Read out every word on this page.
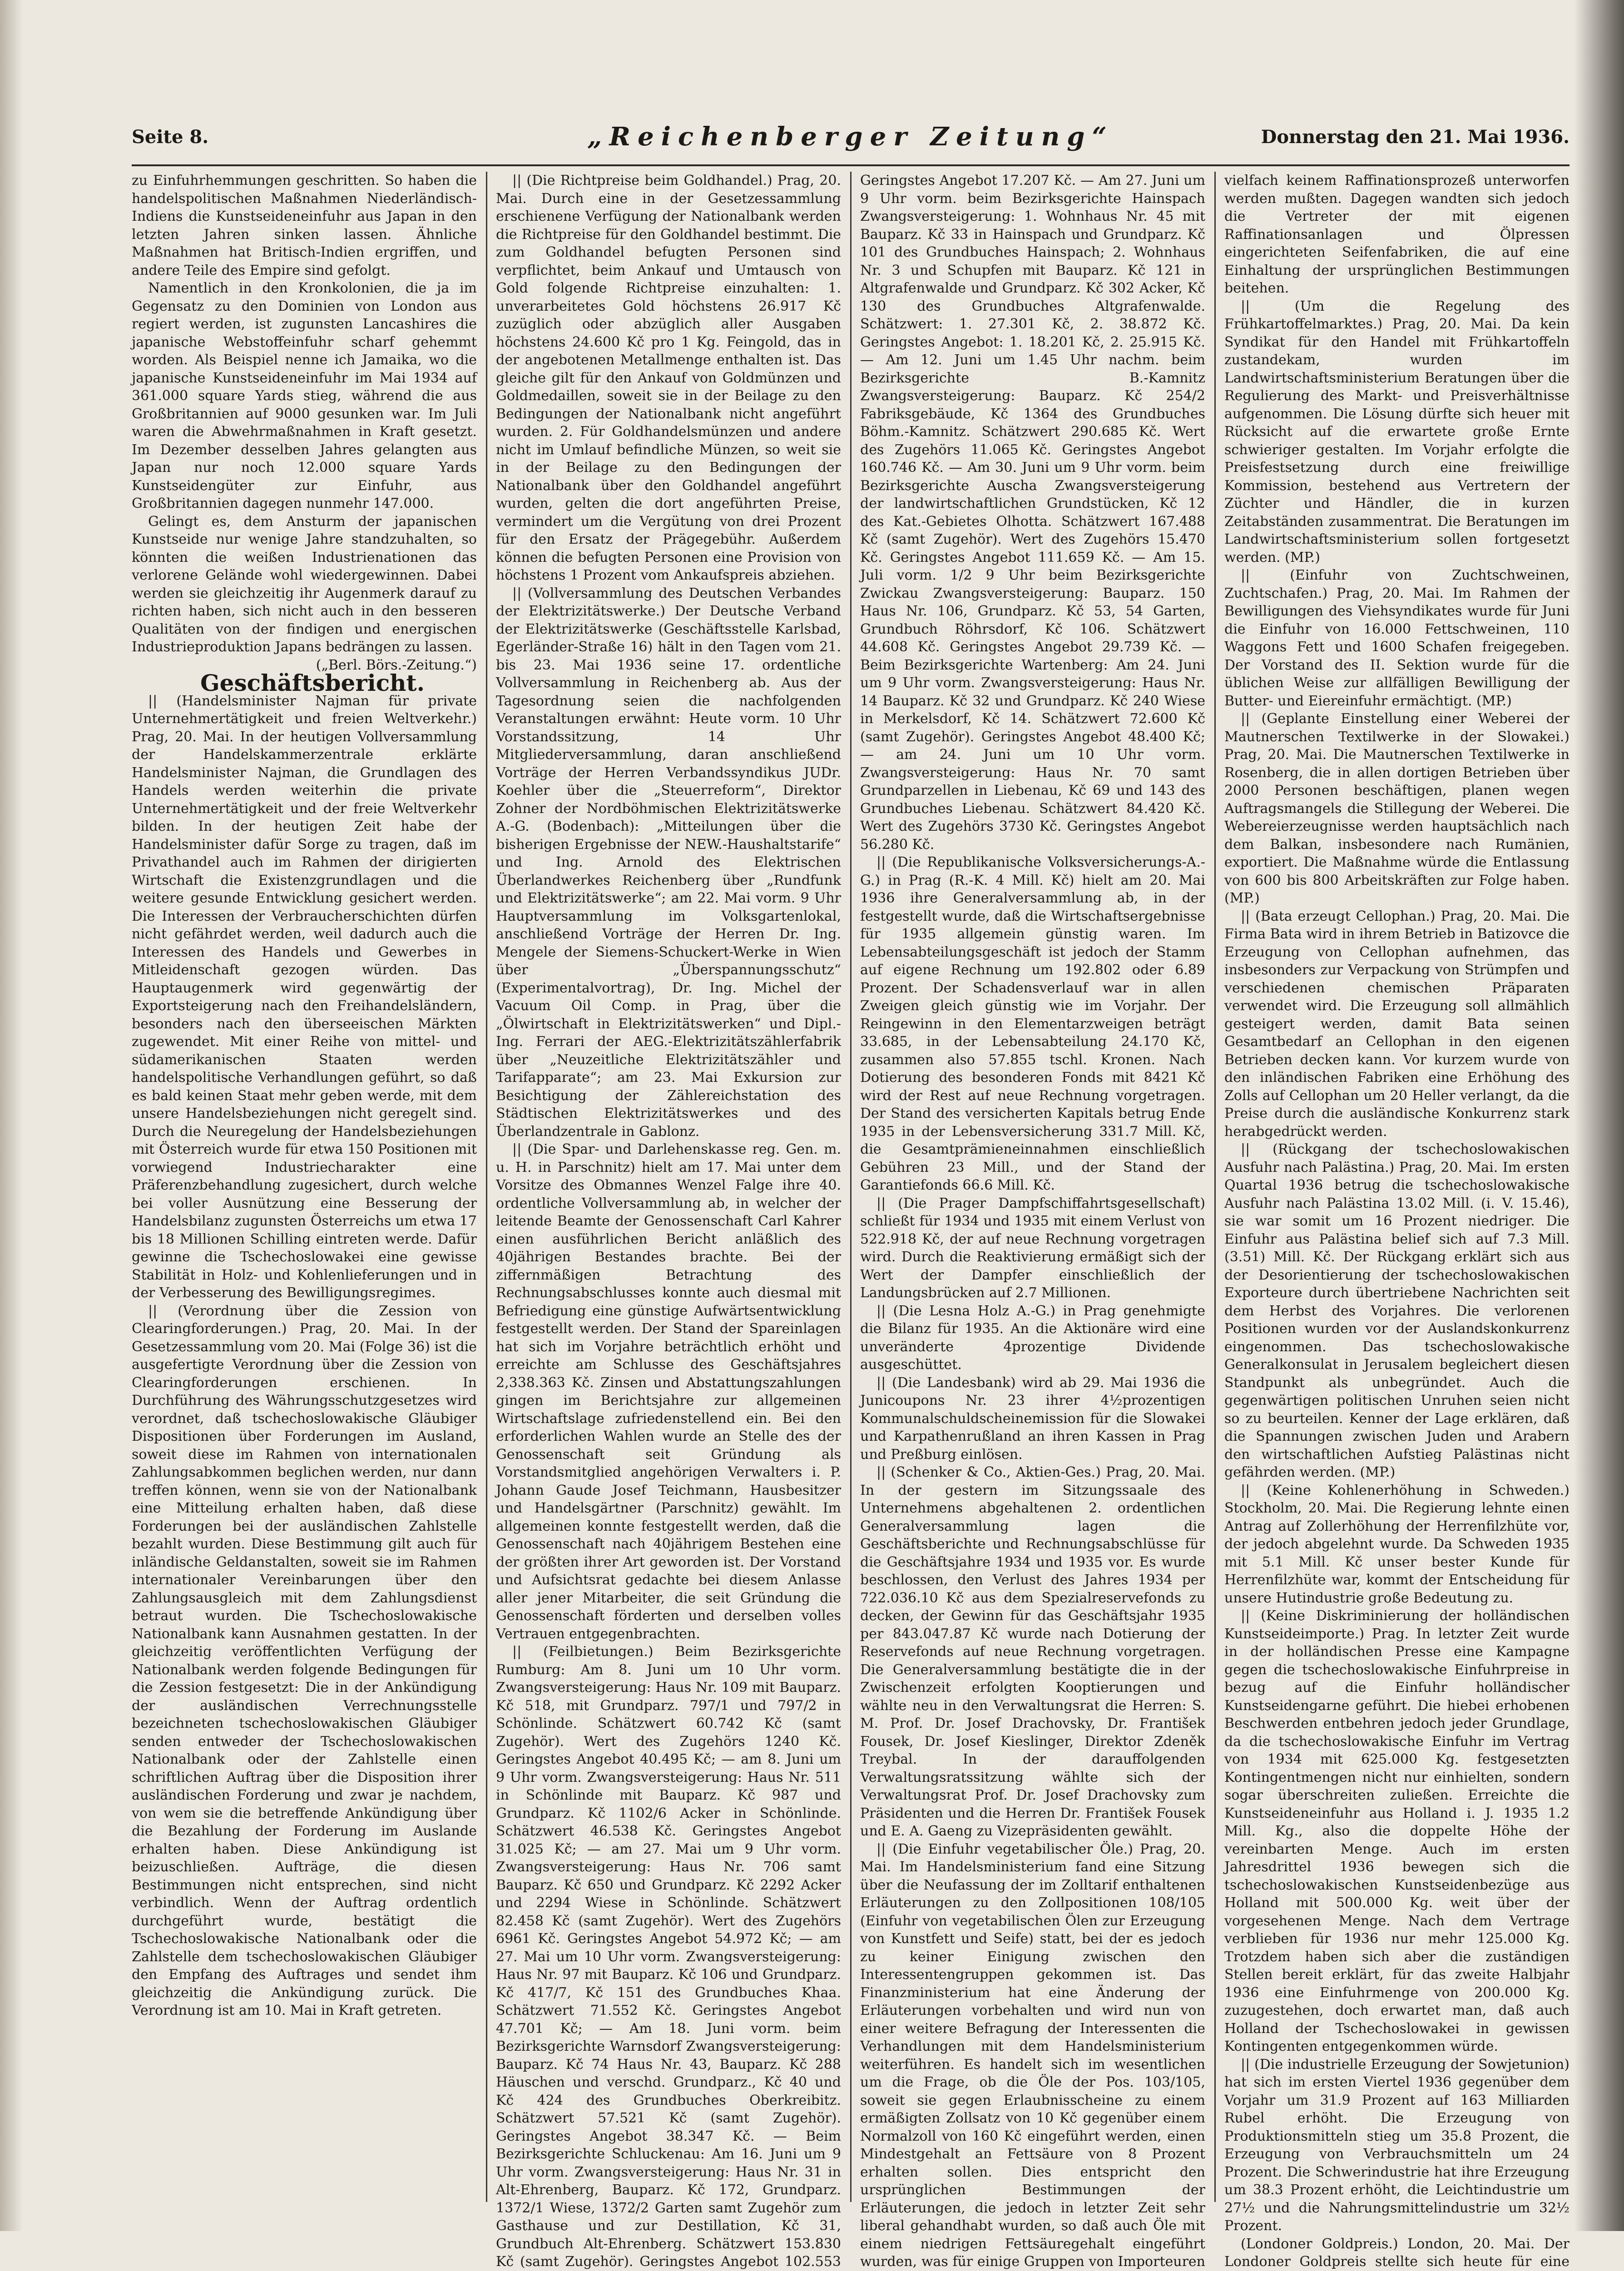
Seite 8.	„Reichenberger Zeitung“	Donnerstag den 21. Mai 1936.

zu Einfuhrhemmungen geschritten. So haben die handelspolitischen Maßnahmen Niederländisch-Indiens die Kunstseideneinfuhr aus Japan in den letzten Jahren sinken lassen. Ähnliche Maßnahmen hat Britisch-Indien ergriffen, und andere Teile des Empire sind gefolgt.

Namentlich in den Kronkolonien, die ja im Gegensatz zu den Dominien von London aus regiert werden, ist zugunsten Lancashires die japanische Webstoffeinfuhr scharf gehemmt worden. Als Beispiel nenne ich Jamaika, wo die japanische Kunstseideneinfuhr im Mai 1934 auf 361.000 square Yards stieg, während die aus Großbritannien auf 9000 gesunken war. Im Juli waren die Abwehrmaßnahmen in Kraft gesetzt. Im Dezember desselben Jahres gelangten aus Japan nur noch 12.000 square Yards Kunstseidengüter zur Einfuhr, aus Großbritannien dagegen nunmehr 147.000.

Gelingt es, dem Ansturm der japanischen Kunstseide nur wenige Jahre standzuhalten, so könnten die weißen Industrienationen das verlorene Gelände wohl wiedergewinnen. Dabei werden sie gleichzeitig ihr Augenmerk darauf zu richten haben, sich nicht auch in den besseren Qualitäten von der findigen und energischen Industrieproduktion Japans bedrängen zu lassen.

(„Berl. Börs.-Zeitung.“)

Geschäftsbericht.

|| (Handelsminister Najman für private Unternehmertätigkeit und freien Weltverkehr.) Prag, 20. Mai. In der heutigen Vollversammlung der Handelskammerzentrale erklärte Handelsminister Najman, die Grundlagen des Handels werden weiterhin die private Unternehmertätigkeit und der freie Weltverkehr bilden. In der heutigen Zeit habe der Handelsminister dafür Sorge zu tragen, daß im Privathandel auch im Rahmen der dirigierten Wirtschaft die Existenzgrundlagen und die weitere gesunde Entwicklung gesichert werden. Die Interessen der Verbraucherschichten dürfen nicht gefährdet werden, weil dadurch auch die Interessen des Handels und Gewerbes in Mitleidenschaft gezogen würden. Das Hauptaugenmerk wird gegenwärtig der Exportsteigerung nach den Freihandelsländern, besonders nach den überseeischen Märkten zugewendet. Mit einer Reihe von mittel- und südamerikanischen Staaten werden handelspolitische Verhandlungen geführt, so daß es bald keinen Staat mehr geben werde, mit dem unsere Handelsbeziehungen nicht geregelt sind. Durch die Neuregelung der Handelsbeziehungen mit Österreich wurde für etwa 150 Positionen mit vorwiegend Industriecharakter eine Präferenzbehandlung zugesichert, durch welche bei voller Ausnützung eine Besserung der Handelsbilanz zugunsten Österreichs um etwa 17 bis 18 Millionen Schilling eintreten werde. Dafür gewinne die Tschechoslowakei eine gewisse Stabilität in Holz- und Kohlenlieferungen und in der Verbesserung des Bewilligungsregimes.

|| (Verordnung über die Zession von Clearingforderungen.) Prag, 20. Mai. In der Gesetzessammlung vom 20. Mai (Folge 36) ist die ausgefertigte Verordnung über die Zession von Clearingforderungen erschienen. In Durchführung des Währungsschutzgesetzes wird verordnet, daß tschechoslowakische Gläubiger Dispositionen über Forderungen im Ausland, soweit diese im Rahmen von internationalen Zahlungsabkommen beglichen werden, nur dann treffen können, wenn sie von der Nationalbank eine Mitteilung erhalten haben, daß diese Forderungen bei der ausländischen Zahlstelle bezahlt wurden. Diese Bestimmung gilt auch für inländische Geldanstalten, soweit sie im Rahmen internationaler Vereinbarungen über den Zahlungsausgleich mit dem Zahlungsdienst betraut wurden. Die Tschechoslowakische Nationalbank kann Ausnahmen gestatten. In der gleichzeitig veröffentlichten Verfügung der Nationalbank werden folgende Bedingungen für die Zession festgesetzt: Die in der Ankündigung der ausländischen Verrechnungsstelle bezeichneten tschechoslowakischen Gläubiger senden entweder der Tschechoslowakischen Nationalbank oder der Zahlstelle einen schriftlichen Auftrag über die Disposition ihrer ausländischen Forderung und zwar je nachdem, von wem sie die betreffende Ankündigung über die Bezahlung der Forderung im Auslande erhalten haben. Diese Ankündigung ist beizuschließen. Aufträge, die diesen Bestimmungen nicht entsprechen, sind nicht verbindlich. Wenn der Auftrag ordentlich durchgeführt wurde, bestätigt die Tschechoslowakische Nationalbank oder die Zahlstelle dem tschechoslowakischen Gläubiger den Empfang des Auftrages und sendet ihm gleichzeitig die Ankündigung zurück. Die Verordnung ist am 10. Mai in Kraft getreten.

|| (Die Richtpreise beim Goldhandel.) Prag, 20. Mai. Durch eine in der Gesetzessammlung erschienene Verfügung der Nationalbank werden die Richtpreise für den Goldhandel bestimmt. Die zum Goldhandel befugten Personen sind verpflichtet, beim Ankauf und Umtausch von Gold folgende Richtpreise einzuhalten: 1. unverarbeitetes Gold höchstens 26.917 Kč zuzüglich oder abzüglich aller Ausgaben höchstens 24.600 Kč pro 1 Kg. Feingold, das in der angebotenen Metallmenge enthalten ist. Das gleiche gilt für den Ankauf von Goldmünzen und Goldmedaillen, soweit sie in der Beilage zu den Bedingungen der Nationalbank nicht angeführt wurden. 2. Für Goldhandelsmünzen und andere nicht im Umlauf befindliche Münzen, so weit sie in der Beilage zu den Bedingungen der Nationalbank über den Goldhandel angeführt wurden, gelten die dort angeführten Preise, vermindert um die Vergütung von drei Prozent für den Ersatz der Prägegebühr. Außerdem können die befugten Personen eine Provision von höchstens 1 Prozent vom Ankaufspreis abziehen.

|| (Vollversammlung des Deutschen Verbandes der Elektrizitätswerke.) Der Deutsche Verband der Elektrizitätswerke (Geschäftsstelle Karlsbad, Egerländer-Straße 16) hält in den Tagen vom 21. bis 23. Mai 1936 seine 17. ordentliche Vollversammlung in Reichenberg ab. Aus der Tagesordnung seien die nachfolgenden Veranstaltungen erwähnt: Heute vorm. 10 Uhr Vorstandssitzung, 14 Uhr Mitgliederversammlung, daran anschließend Vorträge der Herren Verbandssyndikus JUDr. Koehler über die „Steuerreform“, Direktor Zohner der Nordböhmischen Elektrizitätswerke A.-G. (Bodenbach): „Mitteilungen über die bisherigen Ergebnisse der NEW.-Haushaltstarife“ und Ing. Arnold des Elektrischen Überlandwerkes Reichenberg über „Rundfunk und Elektrizitätswerke“; am 22. Mai vorm. 9 Uhr Hauptversammlung im Volksgartenlokal, anschließend Vorträge der Herren Dr. Ing. Mengele der Siemens-Schuckert-Werke in Wien über „Überspannungsschutz“ (Experimentalvortrag), Dr. Ing. Michel der Vacuum Oil Comp. in Prag, über die „Ölwirtschaft in Elektrizitätswerken“ und Dipl.-Ing. Ferrari der AEG.-Elektrizitätszählerfabrik über „Neuzeitliche Elektrizitätszähler und Tarifapparate“; am 23. Mai Exkursion zur Besichtigung der Zählereichstation des Städtischen Elektrizitätswerkes und des Überlandzentrale in Gablonz.

|| (Die Spar- und Darlehenskasse reg. Gen. m. u. H. in Parschnitz) hielt am 17. Mai unter dem Vorsitze des Obmannes Wenzel Falge ihre 40. ordentliche Vollversammlung ab, in welcher der leitende Beamte der Genossenschaft Carl Kahrer einen ausführlichen Bericht anläßlich des 40jährigen Bestandes brachte. Bei der ziffernmäßigen Betrachtung des Rechnungsabschlusses konnte auch diesmal mit Befriedigung eine günstige Aufwärtsentwicklung festgestellt werden. Der Stand der Spareinlagen hat sich im Vorjahre beträchtlich erhöht und erreichte am Schlusse des Geschäftsjahres 2,338.363 Kč. Zinsen und Abstattungszahlungen gingen im Berichtsjahre zur allgemeinen Wirtschaftslage zufriedenstellend ein. Bei den erforderlichen Wahlen wurde an Stelle des der Genossenschaft seit Gründung als Vorstandsmitglied angehörigen Verwalters i. P. Johann Gaude Josef Teichmann, Hausbesitzer und Handelsgärtner (Parschnitz) gewählt. Im allgemeinen konnte festgestellt werden, daß die Genossenschaft nach 40jährigem Bestehen eine der größten ihrer Art geworden ist. Der Vorstand und Aufsichtsrat gedachte bei diesem Anlasse aller jener Mitarbeiter, die seit Gründung die Genossenschaft förderten und derselben volles Vertrauen entgegenbrachten.

|| (Feilbietungen.) Beim Bezirksgerichte Rumburg: Am 8. Juni um 10 Uhr vorm. Zwangsversteigerung: Haus Nr. 109 mit Bauparz. Kč 518, mit Grundparz. 797/1 und 797/2 in Schönlinde. Schätzwert 60.742 Kč (samt Zugehör). Wert des Zugehörs 1240 Kč. Geringstes Angebot 40.495 Kč; — am 8. Juni um 9 Uhr vorm. Zwangsversteigerung: Haus Nr. 511 in Schönlinde mit Bauparz. Kč 987 und Grundparz. Kč 1102/6 Acker in Schönlinde. Schätzwert 46.538 Kč. Geringstes Angebot 31.025 Kč; — am 27. Mai um 9 Uhr vorm. Zwangsversteigerung: Haus Nr. 706 samt Bauparz. Kč 650 und Grundparz. Kč 2292 Acker und 2294 Wiese in Schönlinde. Schätzwert 82.458 Kč (samt Zugehör). Wert des Zugehörs 6961 Kč. Geringstes Angebot 54.972 Kč; — am 27. Mai um 10 Uhr vorm. Zwangsversteigerung: Haus Nr. 97 mit Bauparz. Kč 106 und Grundparz. Kč 417/7, Kč 151 des Grundbuches Khaa. Schätzwert 71.552 Kč. Geringstes Angebot 47.701 Kč; — Am 18. Juni vorm. beim Bezirksgerichte Warnsdorf Zwangsversteigerung: Bauparz. Kč 74 Haus Nr. 43, Bauparz. Kč 288 Häuschen und verschd. Grundparz., Kč 40 und Kč 424 des Grundbuches Oberkreibitz. Schätzwert 57.521 Kč (samt Zugehör). Geringstes Angebot 38.347 Kč. — Beim Bezirksgerichte Schluckenau: Am 16. Juni um 9 Uhr vorm. Zwangsversteigerung: Haus Nr. 31 in Alt-Ehrenberg, Bauparz. Kč 172, Grundparz. 1372/1 Wiese, 1372/2 Garten samt Zugehör zum Gasthause und zur Destillation, Kč 31, Grundbuch Alt-Ehrenberg. Schätzwert 153.830 Kč (samt Zugehör). Geringstes Angebot 102.553

Geringstes Angebot 17.207 Kč. — Am 27. Juni um 9 Uhr vorm. beim Bezirksgerichte Hainspach Zwangsversteigerung: 1. Wohnhaus Nr. 45 mit Bauparz. Kč 33 in Hainspach und Grundparz. Kč 101 des Grundbuches Hainspach; 2. Wohnhaus Nr. 3 und Schupfen mit Bauparz. Kč 121 in Altgrafenwalde und Grundparz. Kč 302 Acker, Kč 130 des Grundbuches Altgrafenwalde. Schätzwert: 1. 27.301 Kč, 2. 38.872 Kč. Geringstes Angebot: 1. 18.201 Kč, 2. 25.915 Kč. — Am 12. Juni um 1.45 Uhr nachm. beim Bezirksgerichte B.-Kamnitz Zwangsversteigerung: Bauparz. Kč 254/2 Fabriksgebäude, Kč 1364 des Grundbuches Böhm.-Kamnitz. Schätzwert 290.685 Kč. Wert des Zugehörs 11.065 Kč. Geringstes Angebot 160.746 Kč. — Am 30. Juni um 9 Uhr vorm. beim Bezirksgerichte Auscha Zwangsversteigerung der landwirtschaftlichen Grundstücken, Kč 12 des Kat.-Gebietes Olhotta. Schätzwert 167.488 Kč (samt Zugehör). Wert des Zugehörs 15.470 Kč. Geringstes Angebot 111.659 Kč. — Am 15. Juli vorm. 1/2 9 Uhr beim Bezirksgerichte Zwickau Zwangsversteigerung: Bauparz. 150 Haus Nr. 106, Grundparz. Kč 53, 54 Garten, Grundbuch Röhrsdorf, Kč 106. Schätzwert 44.608 Kč. Geringstes Angebot 29.739 Kč. — Beim Bezirksgerichte Wartenberg: Am 24. Juni um 9 Uhr vorm. Zwangsversteigerung: Haus Nr. 14 Bauparz. Kč 32 und Grundparz. Kč 240 Wiese in Merkelsdorf, Kč 14. Schätzwert 72.600 Kč (samt Zugehör). Geringstes Angebot 48.400 Kč; — am 24. Juni um 10 Uhr vorm. Zwangsversteigerung: Haus Nr. 70 samt Grundparzellen in Liebenau, Kč 69 und 143 des Grundbuches Liebenau. Schätzwert 84.420 Kč. Wert des Zugehörs 3730 Kč. Geringstes Angebot 56.280 Kč.

|| (Die Republikanische Volksversicherungs-A.-G.) in Prag (R.-K. 4 Mill. Kč) hielt am 20. Mai 1936 ihre Generalversammlung ab, in der festgestellt wurde, daß die Wirtschaftsergebnisse für 1935 allgemein günstig waren. Im Lebensabteilungsgeschäft ist jedoch der Stamm auf eigene Rechnung um 192.802 oder 6.89 Prozent. Der Schadensverlauf war in allen Zweigen gleich günstig wie im Vorjahr. Der Reingewinn in den Elementarzweigen beträgt 33.685, in der Lebensabteilung 24.170 Kč, zusammen also 57.855 tschl. Kronen. Nach Dotierung des besonderen Fonds mit 8421 Kč wird der Rest auf neue Rechnung vorgetragen. Der Stand des versicherten Kapitals betrug Ende 1935 in der Lebensversicherung 331.7 Mill. Kč, die Gesamtprämieneinnahmen einschließlich Gebühren 23 Mill., und der Stand der Garantiefonds 66.6 Mill. Kč.

|| (Die Prager Dampfschiffahrtsgesellschaft) schließt für 1934 und 1935 mit einem Verlust von 522.918 Kč, der auf neue Rechnung vorgetragen wird. Durch die Reaktivierung ermäßigt sich der Wert der Dampfer einschließlich der Landungsbrücken auf 2.7 Millionen.

|| (Die Lesna Holz A.-G.) in Prag genehmigte die Bilanz für 1935. An die Aktionäre wird eine unveränderte 4prozentige Dividende ausgeschüttet.

|| (Die Landesbank) wird ab 29. Mai 1936 die Junicoupons Nr. 23 ihrer 4½prozentigen Kommunalschuldscheinemission für die Slowakei und Karpathenrußland an ihren Kassen in Prag und Preßburg einlösen.

|| (Schenker & Co., Aktien-Ges.) Prag, 20. Mai. In der gestern im Sitzungssaale des Unternehmens abgehaltenen 2. ordentlichen Generalversammlung lagen die Geschäftsberichte und Rechnungsabschlüsse für die Geschäftsjahre 1934 und 1935 vor. Es wurde beschlossen, den Verlust des Jahres 1934 per 722.036.10 Kč aus dem Spezialreservefonds zu decken, der Gewinn für das Geschäftsjahr 1935 per 843.047.87 Kč wurde nach Dotierung der Reservefonds auf neue Rechnung vorgetragen. Die Generalversammlung bestätigte die in der Zwischenzeit erfolgten Kooptierungen und wählte neu in den Verwaltungsrat die Herren: S. M. Prof. Dr. Josef Drachovsky, Dr. František Fousek, Dr. Josef Kieslinger, Direktor Zdeněk Treybal. In der darauffolgenden Verwaltungsratssitzung wählte sich der Verwaltungsrat Prof. Dr. Josef Drachovsky zum Präsidenten und die Herren Dr. František Fousek und E. A. Gaeng zu Vizepräsidenten gewählt.

|| (Die Einfuhr vegetabilischer Öle.) Prag, 20. Mai. Im Handelsministerium fand eine Sitzung über die Neufassung der im Zolltarif enthaltenen Erläuterungen zu den Zollpositionen 108/105 (Einfuhr von vegetabilischen Ölen zur Erzeugung von Kunstfett und Seife) statt, bei der es jedoch zu keiner Einigung zwischen den Interessentengruppen gekommen ist. Das Finanzministerium hat eine Änderung der Erläuterungen vorbehalten und wird nun von einer weitere Befragung der Interessenten die Verhandlungen mit dem Handelsministerium weiterführen. Es handelt sich im wesentlichen um die Frage, ob die Öle der Pos. 103/105, soweit sie gegen Erlaubnisscheine zu einem ermäßigten Zollsatz von 10 Kč gegenüber einem Normalzoll von 160 Kč eingeführt werden, einen Mindestgehalt an Fettsäure von 8 Prozent erhalten sollen. Dies entspricht den ursprünglichen Bestimmungen der Erläuterungen, die jedoch in letzter Zeit sehr liberal gehandhabt wurden, so daß auch Öle mit einem niedrigen Fettsäuregehalt eingeführt wurden, was für einige Gruppen von Importeuren

vielfach keinem Raffinationsprozeß unterworfen werden mußten. Dagegen wandten sich jedoch die Vertreter der mit eigenen Raffinationsanlagen und Ölpressen eingerichteten Seifenfabriken, die auf eine Einhaltung der ursprünglichen Bestimmungen beitehen.

|| (Um die Regelung des Frühkartoffelmarktes.) Prag, 20. Mai. Da kein Syndikat für den Handel mit Frühkartoffeln zustandekam, wurden im Landwirtschaftsministerium Beratungen über die Regulierung des Markt- und Preisverhältnisse aufgenommen. Die Lösung dürfte sich heuer mit Rücksicht auf die erwartete große Ernte schwieriger gestalten. Im Vorjahr erfolgte die Preisfestsetzung durch eine freiwillige Kommission, bestehend aus Vertretern der Züchter und Händler, die in kurzen Zeitabständen zusammentrat. Die Beratungen im Landwirtschaftsministerium sollen fortgesetzt werden. (MP.)

|| (Einfuhr von Zuchtschweinen, Zuchtschafen.) Prag, 20. Mai. Im Rahmen der Bewilligungen des Viehsyndikates wurde für Juni die Einfuhr von 16.000 Fettschweinen, 110 Waggons Fett und 1600 Schafen freigegeben. Der Vorstand des II. Sektion wurde für die üblichen Weise zur allfälligen Bewilligung der Butter- und Eiereinfuhr ermächtigt. (MP.)

|| (Geplante Einstellung einer Weberei der Mautnerschen Textilwerke in der Slowakei.) Prag, 20. Mai. Die Mautnerschen Textilwerke in Rosenberg, die in allen dortigen Betrieben über 2000 Personen beschäftigen, planen wegen Auftragsmangels die Stillegung der Weberei. Die Webereierzeugnisse werden hauptsächlich nach dem Balkan, insbesondere nach Rumänien, exportiert. Die Maßnahme würde die Entlassung von 600 bis 800 Arbeitskräften zur Folge haben. (MP.)

|| (Bata erzeugt Cellophan.) Prag, 20. Mai. Die Firma Bata wird in ihrem Betrieb in Batizovce die Erzeugung von Cellophan aufnehmen, das insbesonders zur Verpackung von Strümpfen und verschiedenen chemischen Präparaten verwendet wird. Die Erzeugung soll allmählich gesteigert werden, damit Bata seinen Gesamtbedarf an Cellophan in den eigenen Betrieben decken kann. Vor kurzem wurde von den inländischen Fabriken eine Erhöhung des Zolls auf Cellophan um 20 Heller verlangt, da die Preise durch die ausländische Konkurrenz stark herabgedrückt werden.

|| (Rückgang der tschechoslowakischen Ausfuhr nach Palästina.) Prag, 20. Mai. Im ersten Quartal 1936 betrug die tschechoslowakische Ausfuhr nach Palästina 13.02 Mill. (i. V. 15.46), sie war somit um 16 Prozent niedriger. Die Einfuhr aus Palästina belief sich auf 7.3 Mill. (3.51) Mill. Kč. Der Rückgang erklärt sich aus der Desorientierung der tschechoslowakischen Exporteure durch übertriebene Nachrichten seit dem Herbst des Vorjahres. Die verlorenen Positionen wurden vor der Auslandskonkurrenz eingenommen. Das tschechoslowakische Generalkonsulat in Jerusalem begleichert diesen Standpunkt als unbegründet. Auch die gegenwärtigen politischen Unruhen seien nicht so zu beurteilen. Kenner der Lage erklären, daß die Spannungen zwischen Juden und Arabern den wirtschaftlichen Aufstieg Palästinas nicht gefährden werden. (MP.)

|| (Keine Kohlenerhöhung in Schweden.) Stockholm, 20. Mai. Die Regierung lehnte einen Antrag auf Zollerhöhung der Herrenfilzhüte vor, der jedoch abgelehnt wurde. Da Schweden 1935 mit 5.1 Mill. Kč unser bester Kunde für Herrenfilzhüte war, kommt der Entscheidung für unsere Hutindustrie große Bedeutung zu.

|| (Keine Diskriminierung der holländischen Kunstseideimporte.) Prag. In letzter Zeit wurde in der holländischen Presse eine Kampagne gegen die tschechoslowakische Einfuhrpreise in bezug auf die Einfuhr holländischer Kunstseidengarne geführt. Die hiebei erhobenen Beschwerden entbehren jedoch jeder Grundlage, da die tschechoslowakische Einfuhr im Vertrag von 1934 mit 625.000 Kg. festgesetzten Kontingentmengen nicht nur einhielten, sondern sogar überschreiten zuließen. Erreichte die Kunstseideneinfuhr aus Holland i. J. 1935 1.2 Mill. Kg., also die doppelte Höhe der vereinbarten Menge. Auch im ersten Jahresdrittel 1936 bewegen sich die tschechoslowakischen Kunstseidenbezüge aus Holland mit 500.000 Kg. weit über der vorgesehenen Menge. Nach dem Vertrage verblieben für 1936 nur mehr 125.000 Kg. Trotzdem haben sich aber die zuständigen Stellen bereit erklärt, für das zweite Halbjahr 1936 eine Einfuhrmenge von 200.000 Kg. zuzugestehen, doch erwartet man, daß auch Holland der Tschechoslowakei in gewissen Kontingenten entgegenkommen würde.

|| (Die industrielle Erzeugung der Sowjetunion) hat sich im ersten Viertel 1936 gegenüber dem Vorjahr um 31.9 Prozent auf 163 Milliarden Rubel erhöht. Die Erzeugung von Produktionsmitteln stieg um 35.8 Prozent, die Erzeugung von Verbrauchsmitteln um 24 Prozent. Die Schwerindustrie hat ihre Erzeugung um 38.3 Prozent erhöht, die Leichtindustrie um 27½ und die Nahrungsmittelindustrie um 32½ Prozent.

(Londoner Goldpreis.) London, 20. Mai. Der Londoner Goldpreis stellte sich heute für eine
